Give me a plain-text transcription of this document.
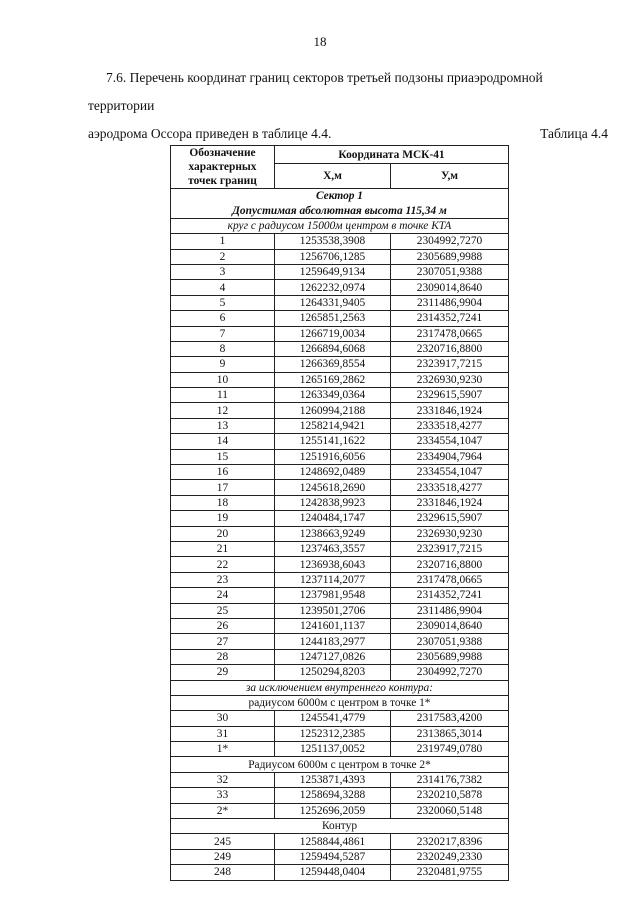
18
7.6. Перечень координат границ секторов третьей подзоны приаэродромной территории
аэродрома Оссора приведен в таблице 4.4.	Таблица 4.4
Обозначение характерных точек границ	Координата МСК-41	
	Х,м	У,м
Сектор 1		
Допустимая абсолютная высота 115,34 м		
круг с радиусом 15000м центром в точке КТА		
1	1253538,3908	2304992,7270
2	1256706,1285	2305689,9988
3	1259649,9134	2307051,9388
4	1262232,0974	2309014,8640
5	1264331,9405	2311486,9904
6	1265851,2563	2314352,7241
7	1266719,0034	2317478,0665
8	1266894,6068	2320716,8800
9	1266369,8554	2323917,7215
10	1265169,2862	2326930,9230
11	1263349,0364	2329615,5907
12	1260994,2188	2331846,1924
13	1258214,9421	2333518,4277
14	1255141,1622	2334554,1047
15	1251916,6056	2334904,7964
16	1248692,0489	2334554,1047
17	1245618,2690	2333518,4277
18	1242838,9923	2331846,1924
19	1240484,1747	2329615,5907
20	1238663,9249	2326930,9230
21	1237463,3557	2323917,7215
22	1236938,6043	2320716,8800
23	1237114,2077	2317478,0665
24	1237981,9548	2314352,7241
25	1239501,2706	2311486,9904
26	1241601,1137	2309014,8640
27	1244183,2977	2307051,9388
28	1247127,0826	2305689,9988
29	1250294,8203	2304992,7270
за исключением внутреннего контура:		
радиусом 6000м с центром в точке 1*		
30	1245541,4779	2317583,4200
31	1252312,2385	2313865,3014
1*	1251137,0052	2319749,0780
Радиусом 6000м с центром в точке 2*		
32	1253871,4393	2314176,7382
33	1258694,3288	2320210,5878
2*	1252696,2059	2320060,5148
Контур		
245	1258844,4861	2320217,8396
249	1259494,5287	2320249,2330
248	1259448,0404	2320481,9755
